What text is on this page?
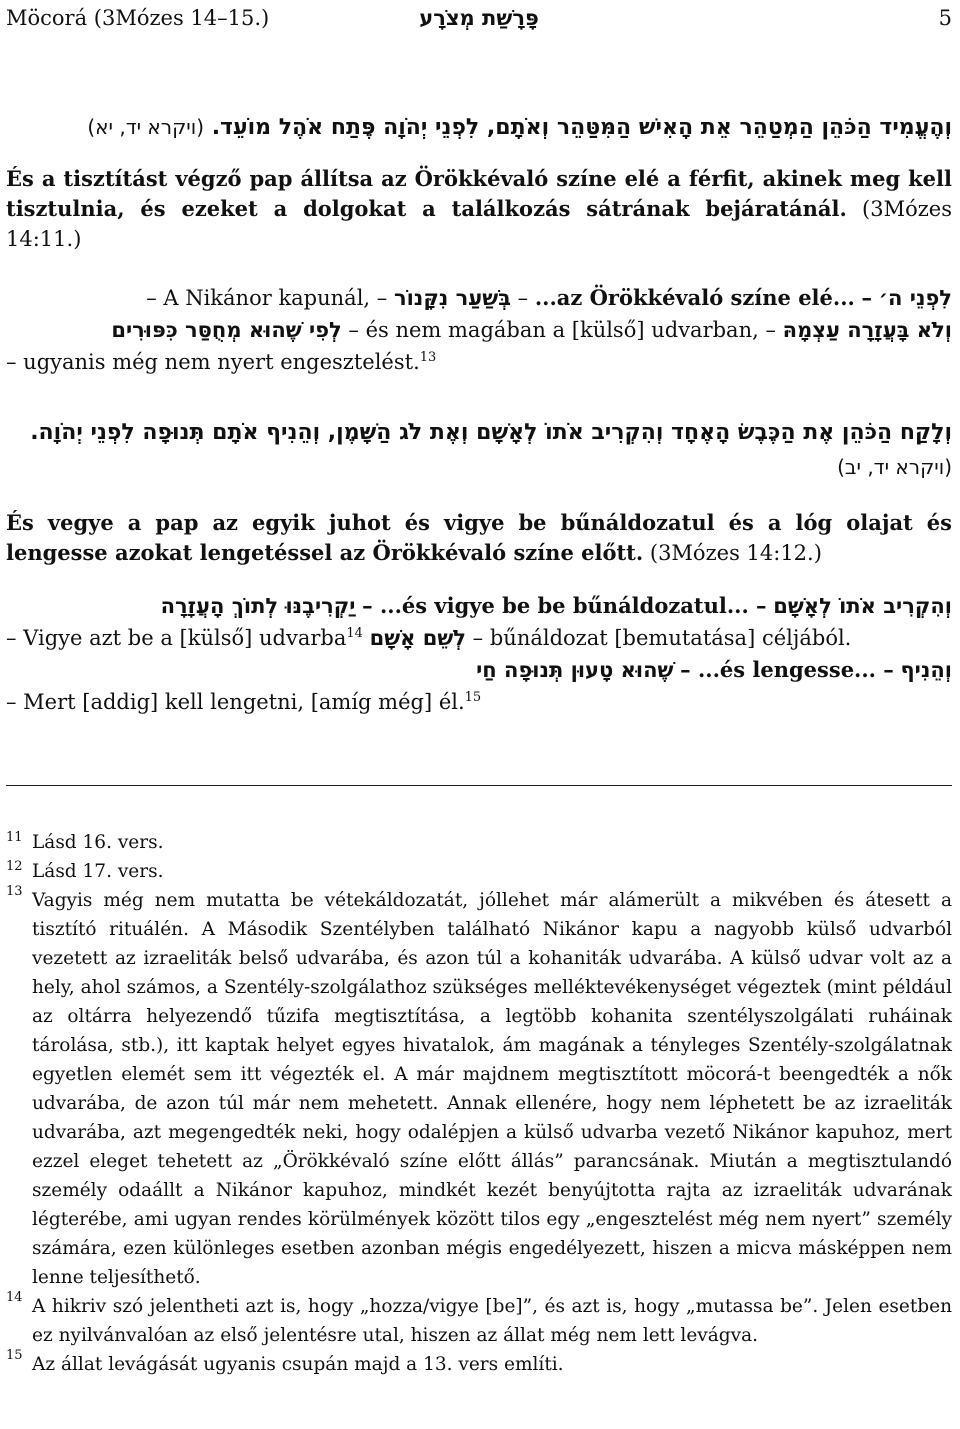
Möcorá (3Mózes 14–15.)	פָּרָשַׁת מְצֹרָע	5
וְהֶעֱמִיד הַכֹּהֵן הַמְטַהֵר אֵת הָאִישׁ הַמִּטַּהֵר וְאֹתָם, לִפְנֵי יְהֹוָה פֶּתַח אֹהֶל מוֹעֵד. (ויקרא יד, יא)
És a tisztítást végző pap állítsa az Örökkévaló színe elé a férfit, akinek meg kell tisztulnia, és ezeket a dolgokat a találkozás sátrának bejáratánál. (3Mózes 14:11.)
לִפְנֵי ה׳ – ...az Örökkévaló színe elé... – בְּשַׁעַר נִקָּנוֹר – A Nikánor kapunál, –
וְלֹא בָּעֲזָרָה עַצְמָהּ – és nem magában a [külső] udvarban, – לְפִי שֶׁהוּא מְחֻסַּר כִּפּוּרִים
– ugyanis még nem nyert engesztelést.$^{13}$
וְלָקַח הַכֹּהֵן אֶת הַכֶּבֶשׂ הָאֶחָד וְהִקְרִיב אֹתוֹ לְאָשָׁם וְאֶת לֹג הַשָּׁמֶן, וְהֵנִיף אֹתָם תְּנוּפָה לִפְנֵי יְהֹוָה. (ויקרא יד, יב)
És vegye a pap az egyik juhot és vigye be bűnáldozatul és a lóg olajat és lengesse azokat lengetéssel az Örökkévaló színe előtt. (3Mózes 14:12.)
וְהִקְרִיב אֹתוֹ לְאָשָׁם – ...és vigye be be bűnáldozatul... – יַקְרִיבֶנּוּ לְתוֹךְ הָעֲזָרָה
– Vigye azt be a [külső] udvarba$^{14}$ לְשֵׁם אָשָׁם – bűnáldozat [bemutatása] céljából.
וְהֵנִיף – ...és lengesse... – שֶׁהוּא טָעוּן תְּנוּפָה חַי
– Mert [addig] kell lengetni, [amíg még] él.$^{15}$
11 Lásd 16. vers.
12 Lásd 17. vers.
13 Vagyis még nem mutatta be vétekáldozatát, jóllehet már alámerült a mikvében és átesett a tisztító rituálén. A Második Szentélyben található Nikánor kapu a nagyobb külső udvarból vezetett az izraeliták belső udvarába, és azon túl a kohaniták udvarába. A külső udvar volt az a hely, ahol számos, a Szentély-szolgálathoz szükséges melléktevékenységet végeztek (mint például az oltárra helyezendő tűzifa megtisztítása, a legtöbb kohanita szentélyszolgálati ruháinak tárolása, stb.), itt kaptak helyet egyes hivatalok, ám magának a tényleges Szentély-szolgálatnak egyetlen elemét sem itt végezték el. A már majdnem megtisztított möcorá-t beengedték a nők udvarába, de azon túl már nem mehetett. Annak ellenére, hogy nem léphetett be az izraeliták udvarába, azt megengedték neki, hogy odalépjen a külső udvarba vezető Nikánor kapuhoz, mert ezzel eleget tehetett az „Örökkévaló színe előtt állás” parancsának. Miután a megtisztulandó személy odaállt a Nikánor kapuhoz, mindkét kezét benyújtotta rajta az izraeliták udvarának légterébe, ami ugyan rendes körülmények között tilos egy „engesztelést még nem nyert” személy számára, ezen különleges esetben azonban mégis engedélyezett, hiszen a micva másképpen nem lenne teljesíthető.
14 A hikriv szó jelentheti azt is, hogy „hozza/vigye [be]”, és azt is, hogy „mutassa be”. Jelen esetben ez nyilvánvalóan az első jelentésre utal, hiszen az állat még nem lett levágva.
15 Az állat levágását ugyanis csupán majd a 13. vers említi.
